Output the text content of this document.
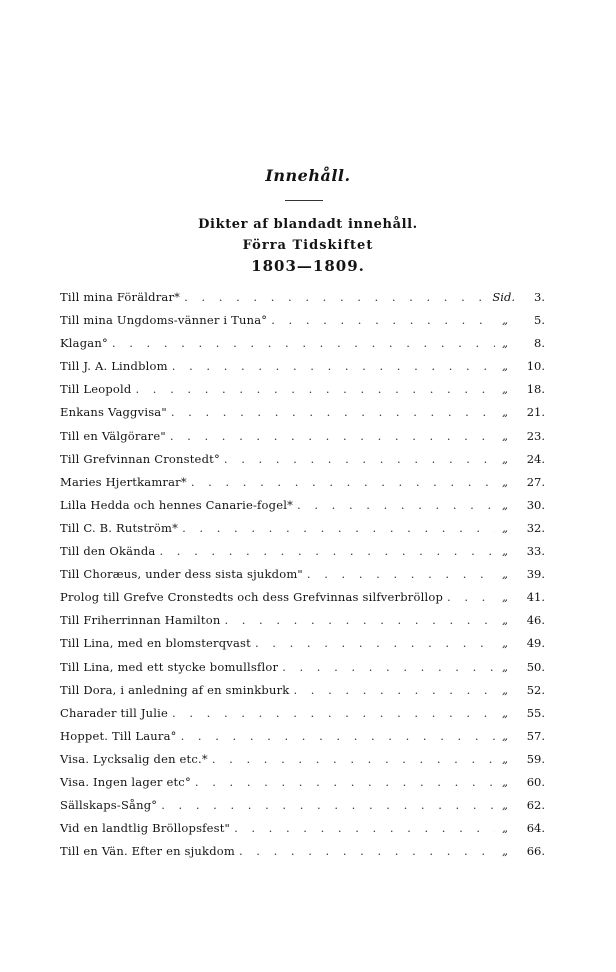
Innehåll.
Dikter af blandadt innehåll.
Förra Tidskiftet
1803—1809.
Till mina Föräldrar* . . .	Sid.	3.
Till mina Ungdoms-vänner i Tuna° . . .	„	5.
Klagan° . . .	„	8.
Till J. A. Lindblom . . .	„	10.
Till Leopold . . .	„	18.
Enkans Vaggvisa" . . .	„	21.
Till en Välgörare" . . .	„	23.
Till Grefvinnan Cronstedt° . . .	„	24.
Maries Hjertkamrar* . . .	„	27.
Lilla Hedda och hennes Canarie-fogel* . . .	„	30.
Till C. B. Rutström* . . .	„	32.
Till den Okända . . .	„	33.
Till Choræus, under dess sista sjukdom" . . .	„	39.
Prolog till Grefve Cronstedts och dess Grefvinnas silfverbröllop . . .	„	41.
Till Friherrinnan Hamilton . . .	„	46.
Till Lina, med en blomsterqvast . . .	„	49.
Till Lina, med ett stycke bomullsflor . . .	„	50.
Till Dora, i anledning af en sminkburk . . .	„	52.
Charader till Julie . . .	„	55.
Hoppet. Till Laura° . . .	„	57.
Visa. Lycksalig den etc.* . . .	„	59.
Visa. Ingen lager etc° . . .	„	60.
Sällskaps-Sång° . . .	„	62.
Vid en landtlig Bröllopsfest" . . .	„	64.
Till en Vän. Efter en sjukdom . . .	„	66.
